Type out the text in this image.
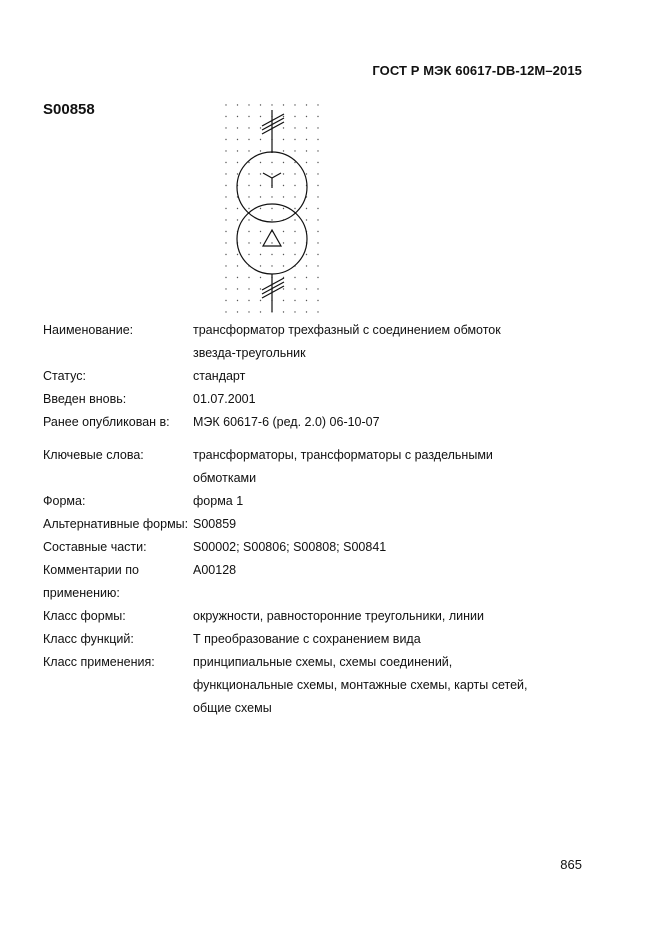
ГОСТ Р МЭК 60617-DB-12M–2015
S00858
Наименование:	трансформатор трехфазный с соединением обмоток звезда-треугольник
Статус:	стандарт
Введен вновь:	01.07.2001
Ранее опубликован в:	МЭК 60617-6 (ред. 2.0) 06-10-07
Ключевые слова:	трансформаторы, трансформаторы с раздельными обмотками
Форма:	форма 1
Альтернативные формы:	S00859
Составные части:	S00002; S00806; S00808; S00841
Комментарии по применению:	A00128
Класс формы:	окружности, равносторонние треугольники, линии
Класс функций:	Т преобразование с сохранением вида
Класс применения:	принципиальные схемы, схемы соединений, функциональные схемы, монтажные схемы, карты сетей, общие схемы
865
